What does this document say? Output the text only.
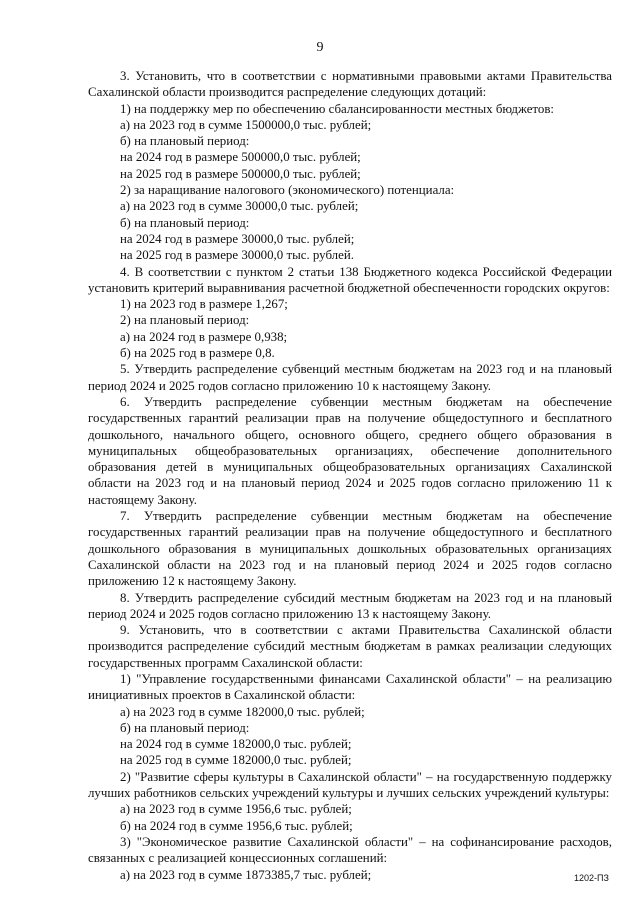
9

3. Установить, что в соответствии с нормативными правовыми актами Правительства Сахалинской области производится распределение следующих дотаций:

1) на поддержку мер по обеспечению сбалансированности местных бюджетов:

а) на 2023 год в сумме 1500000,0 тыс. рублей;

б) на плановый период:

на 2024 год в размере 500000,0 тыс. рублей;

на 2025 год в размере 500000,0 тыс. рублей;

2) за наращивание налогового (экономического) потенциала:

а) на 2023 год в сумме 30000,0 тыс. рублей;

б) на плановый период:

на 2024 год в размере 30000,0 тыс. рублей;

на 2025 год в размере 30000,0 тыс. рублей.

4. В соответствии с пунктом 2 статьи 138 Бюджетного кодекса Российской Федерации установить критерий выравнивания расчетной бюджетной обеспеченности городских округов:

1) на 2023 год в размере 1,267;

2) на плановый период:

а) на 2024 год в размере 0,938;

б) на 2025 год в размере 0,8.

5. Утвердить распределение субвенций местным бюджетам на 2023 год и на плановый период 2024 и 2025 годов согласно приложению 10 к настоящему Закону.

6. Утвердить распределение субвенции местным бюджетам на обеспечение государственных гарантий реализации прав на получение общедоступного и бесплатного дошкольного, начального общего, основного общего, среднего общего образования в муниципальных общеобразовательных организациях, обеспечение дополнительного образования детей в муниципальных общеобразовательных организациях Сахалинской области на 2023 год и на плановый период 2024 и 2025 годов согласно приложению 11 к настоящему Закону.

7. Утвердить распределение субвенции местным бюджетам на обеспечение государственных гарантий реализации прав на получение общедоступного и бесплатного дошкольного образования в муниципальных дошкольных образовательных организациях Сахалинской области на 2023 год и на плановый период 2024 и 2025 годов согласно приложению 12 к настоящему Закону.

8. Утвердить распределение субсидий местным бюджетам на 2023 год и на плановый период 2024 и 2025 годов согласно приложению 13 к настоящему Закону.

9. Установить, что в соответствии с актами Правительства Сахалинской области производится распределение субсидий местным бюджетам в рамках реализации следующих государственных программ Сахалинской области:

1) "Управление государственными финансами Сахалинской области" – на реализацию инициативных проектов в Сахалинской области:

а) на 2023 год в сумме 182000,0 тыс. рублей;

б) на плановый период:

на 2024 год в сумме 182000,0 тыс. рублей;

на 2025 год в сумме 182000,0 тыс. рублей;

2) "Развитие сферы культуры в Сахалинской области" – на государственную поддержку лучших работников сельских учреждений культуры и лучших сельских учреждений культуры:

а) на 2023 год в сумме 1956,6 тыс. рублей;

б) на 2024 год в сумме 1956,6 тыс. рублей;

3) "Экономическое развитие Сахалинской области" – на софинансирование расходов, связанных с реализацией концессионных соглашений:

а) на 2023 год в сумме 1873385,7 тыс. рублей;	1202-ПЗ
